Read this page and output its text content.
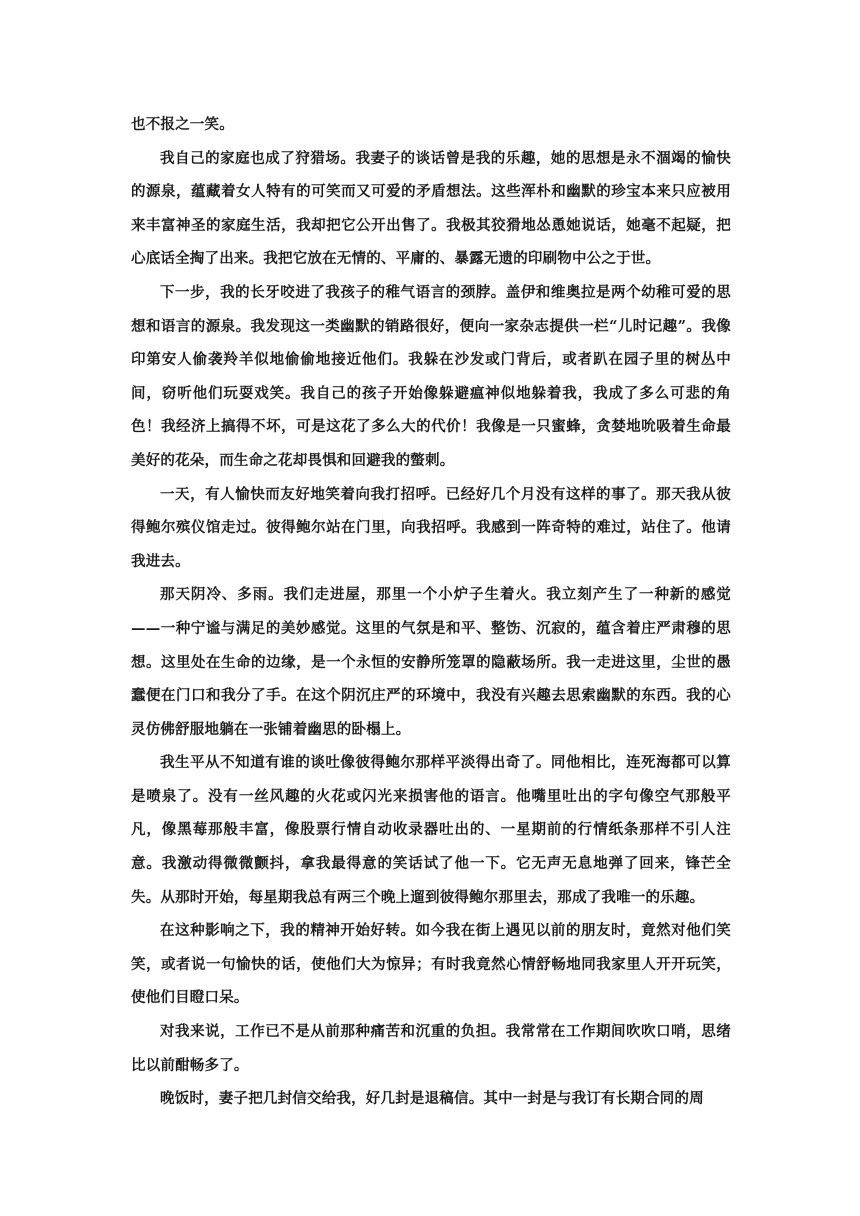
也不报之一笑。

我自己的家庭也成了狩猎场。我妻子的谈话曾是我的乐趣，她的思想是永不涸竭的愉快的源泉，蕴藏着女人特有的可笑而又可爱的矛盾想法。这些浑朴和幽默的珍宝本来只应被用来丰富神圣的家庭生活，我却把它公开出售了。我极其狡猾地怂恿她说话，她毫不起疑，把心底话全掏了出来。我把它放在无情的、平庸的、暴露无遗的印刷物中公之于世。

下一步，我的长牙咬进了我孩子的稚气语言的颈脖。盖伊和维奥拉是两个幼稚可爱的思想和语言的源泉。我发现这一类幽默的销路很好，便向一家杂志提供一栏“儿时记趣”。我像印第安人偷袭羚羊似地偷偷地接近他们。我躲在沙发或门背后，或者趴在园子里的树丛中间，窃听他们玩耍戏笑。我自己的孩子开始像躲避瘟神似地躲着我，我成了多么可悲的角色！我经济上搞得不坏，可是这花了多么大的代价！我像是一只蜜蜂，贪婪地吮吸着生命最美好的花朵，而生命之花却畏惧和回避我的螫刺。

一天，有人愉快而友好地笑着向我打招呼。已经好几个月没有这样的事了。那天我从彼得鲍尔殡仪馆走过。彼得鲍尔站在门里，向我招呼。我感到一阵奇特的难过，站住了。他请我进去。

那天阴冷、多雨。我们走进屋，那里一个小炉子生着火。我立刻产生了一种新的感觉——一种宁谧与满足的美妙感觉。这里的气氛是和平、整饬、沉寂的，蕴含着庄严肃穆的思想。这里处在生命的边缘，是一个永恒的安静所笼罩的隐蔽场所。我一走进这里，尘世的愚蠢便在门口和我分了手。在这个阴沉庄严的环境中，我没有兴趣去思索幽默的东西。我的心灵仿佛舒服地躺在一张铺着幽思的卧榻上。

我生平从不知道有谁的谈吐像彼得鲍尔那样平淡得出奇了。同他相比，连死海都可以算是喷泉了。没有一丝风趣的火花或闪光来损害他的语言。他嘴里吐出的字句像空气那般平凡，像黑莓那般丰富，像股票行情自动收录器吐出的、一星期前的行情纸条那样不引人注意。我激动得微微颤抖，拿我最得意的笑话试了他一下。它无声无息地弹了回来，锋芒全失。从那时开始，每星期我总有两三个晚上遛到彼得鲍尔那里去，那成了我唯一的乐趣。

在这种影响之下，我的精神开始好转。如今我在街上遇见以前的朋友时，竟然对他们笑笑，或者说一句愉快的话，使他们大为惊异；有时我竟然心情舒畅地同我家里人开开玩笑，使他们目瞪口呆。

对我来说，工作已不是从前那种痛苦和沉重的负担。我常常在工作期间吹吹口哨，思绪比以前酣畅多了。

晚饭时，妻子把几封信交给我，好几封是退稿信。其中一封是与我订有长期合同的周
